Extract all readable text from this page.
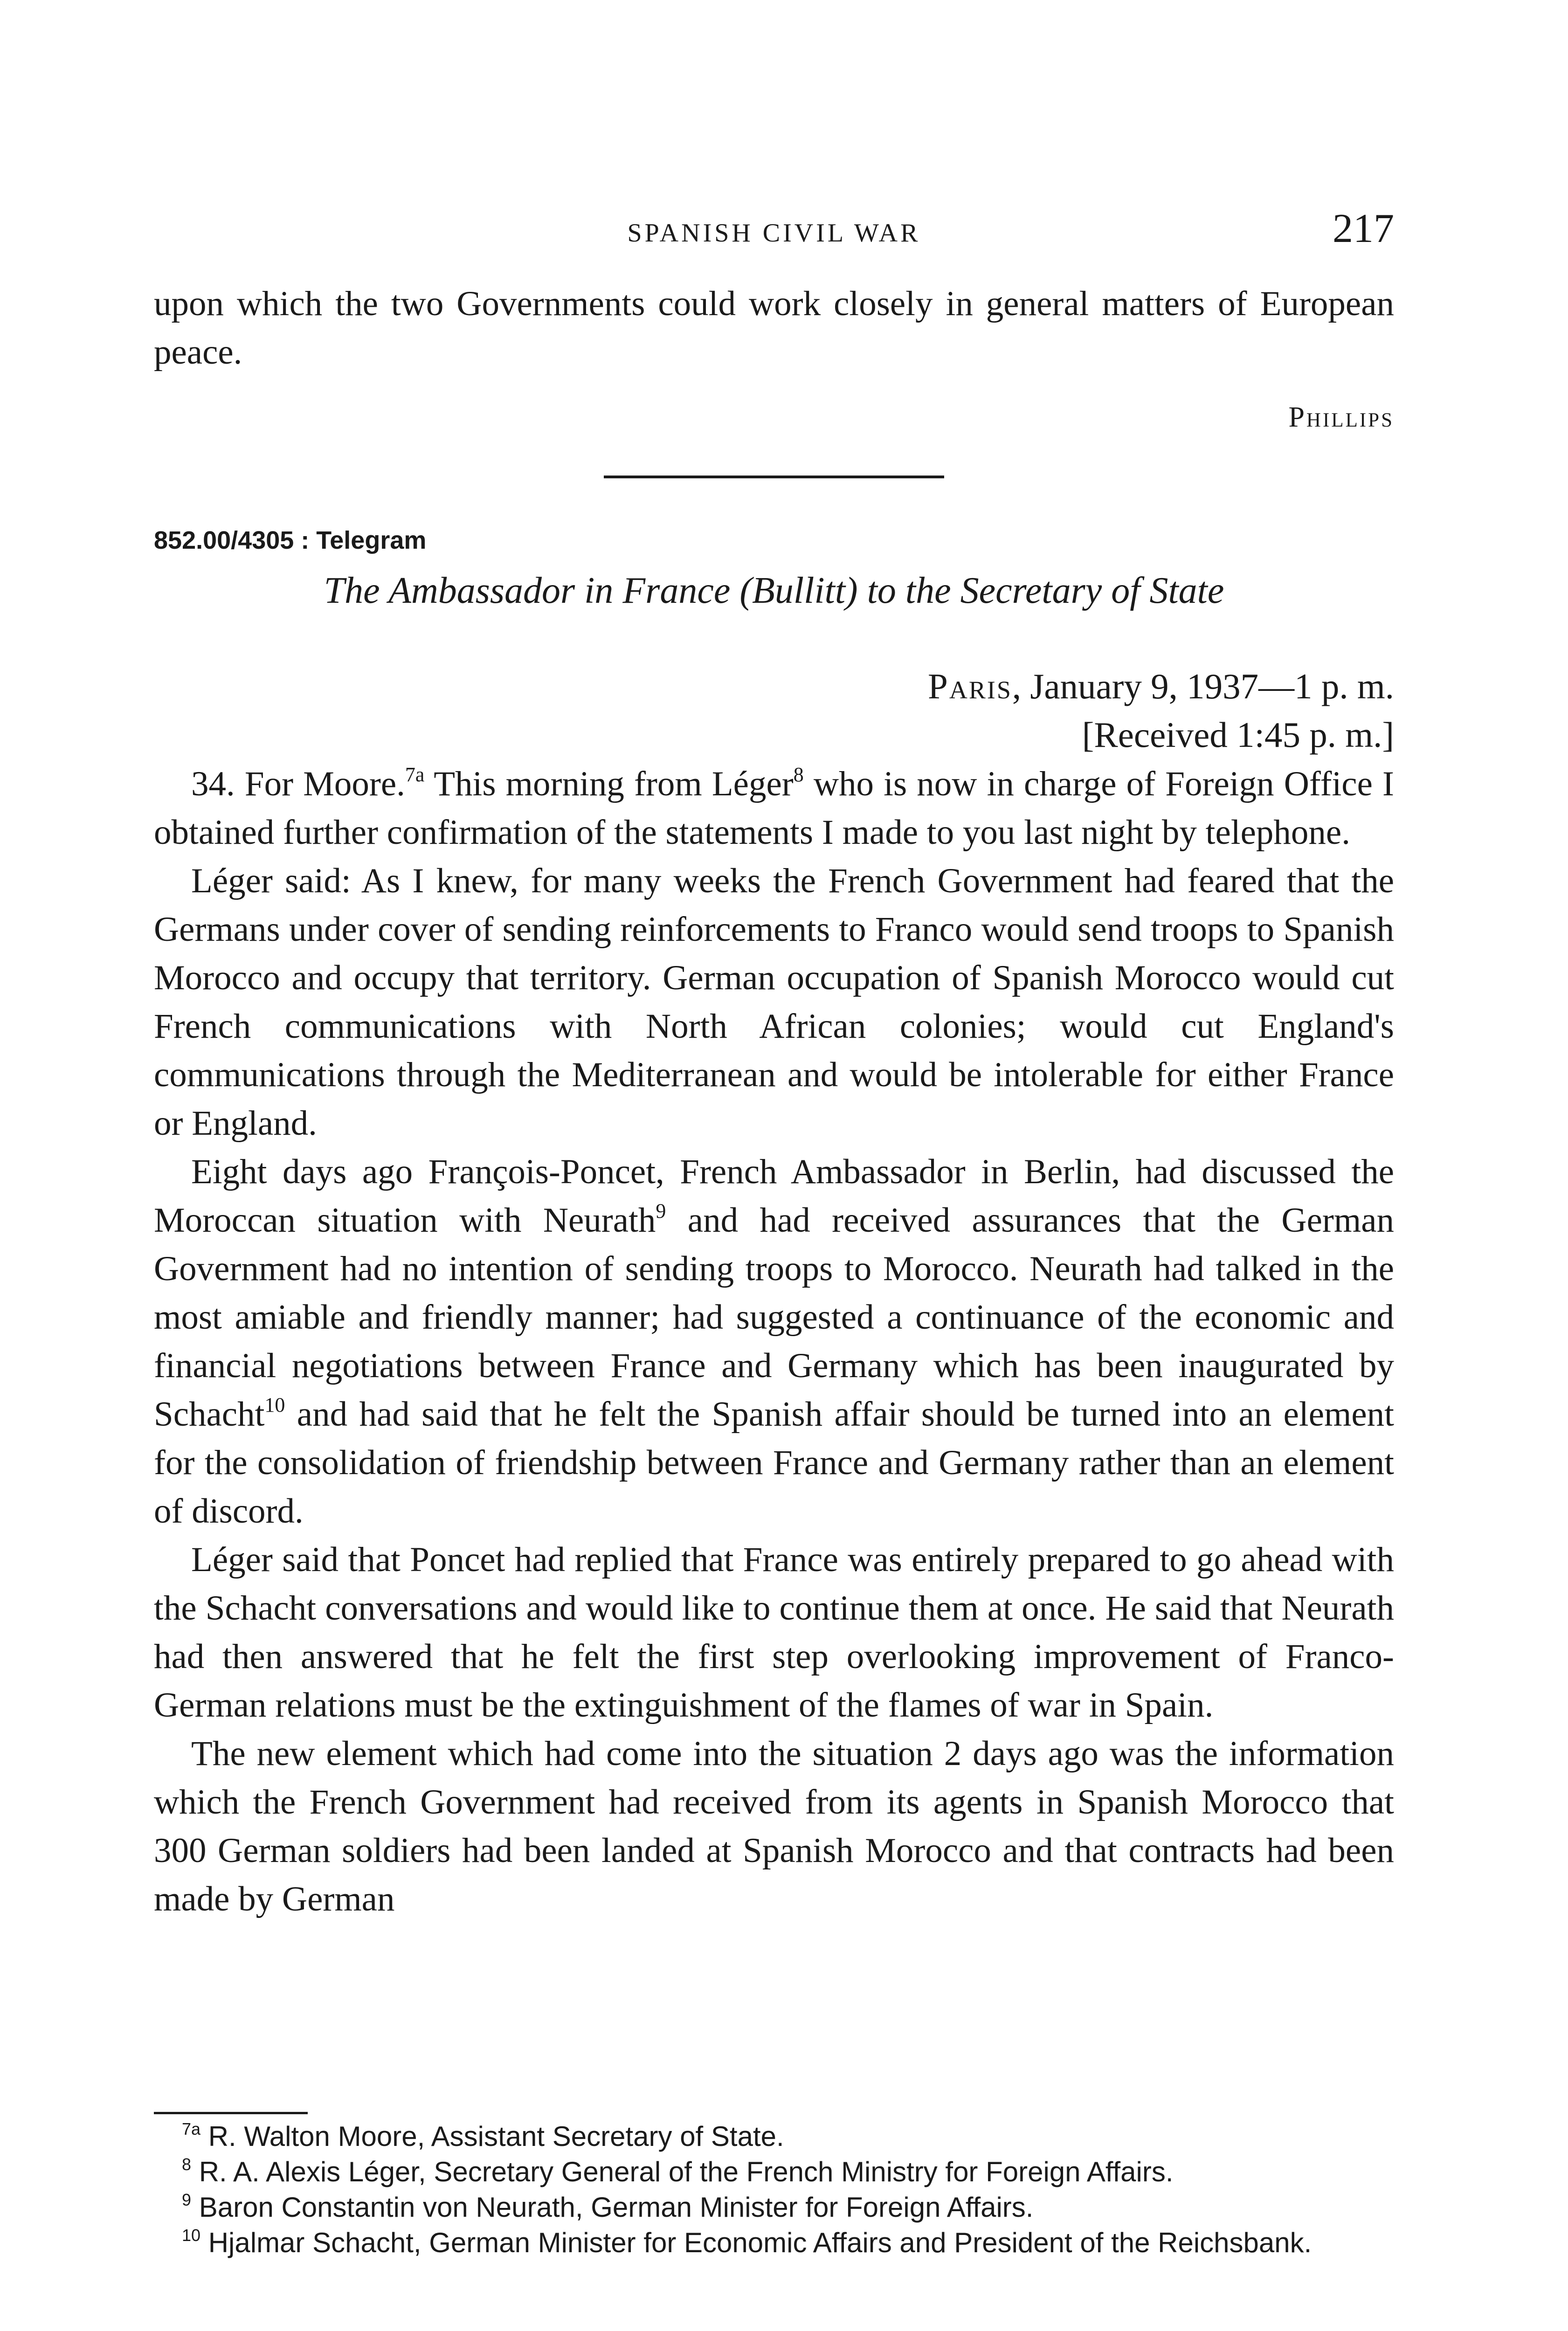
SPANISH CIVIL WAR	217

upon which the two Governments could work closely in general matters of European peace.

Phillips
852.00/4305 : Telegram
The Ambassador in France (Bullitt) to the Secretary of State
Paris, January 9, 1937—1 p. m.
[Received 1:45 p. m.]

34. For Moore.$^{7a}$ This morning from Léger$^8$ who is now in charge of Foreign Office I obtained further confirmation of the statements I made to you last night by telephone.

Léger said: As I knew, for many weeks the French Government had feared that the Germans under cover of sending reinforcements to Franco would send troops to Spanish Morocco and occupy that territory. German occupation of Spanish Morocco would cut French communications with North African colonies; would cut England's communications through the Mediterranean and would be intolerable for either France or England.

Eight days ago François-Poncet, French Ambassador in Berlin, had discussed the Moroccan situation with Neurath$^9$ and had received assurances that the German Government had no intention of sending troops to Morocco. Neurath had talked in the most amiable and friendly manner; had suggested a continuance of the economic and financial negotiations between France and Germany which has been inaugurated by Schacht$^{10}$ and had said that he felt the Spanish affair should be turned into an element for the consolidation of friendship between France and Germany rather than an element of discord.

Léger said that Poncet had replied that France was entirely prepared to go ahead with the Schacht conversations and would like to continue them at once. He said that Neurath had then answered that he felt the first step overlooking improvement of Franco-German relations must be the extinguishment of the flames of war in Spain.

The new element which had come into the situation 2 days ago was the information which the French Government had received from its agents in Spanish Morocco that 300 German soldiers had been landed at Spanish Morocco and that contracts had been made by German

$^{7a}$ R. Walton Moore, Assistant Secretary of State.

$^8$ R. A. Alexis Léger, Secretary General of the French Ministry for Foreign Affairs.

$^9$ Baron Constantin von Neurath, German Minister for Foreign Affairs.

$^{10}$ Hjalmar Schacht, German Minister for Economic Affairs and President of the Reichsbank.
